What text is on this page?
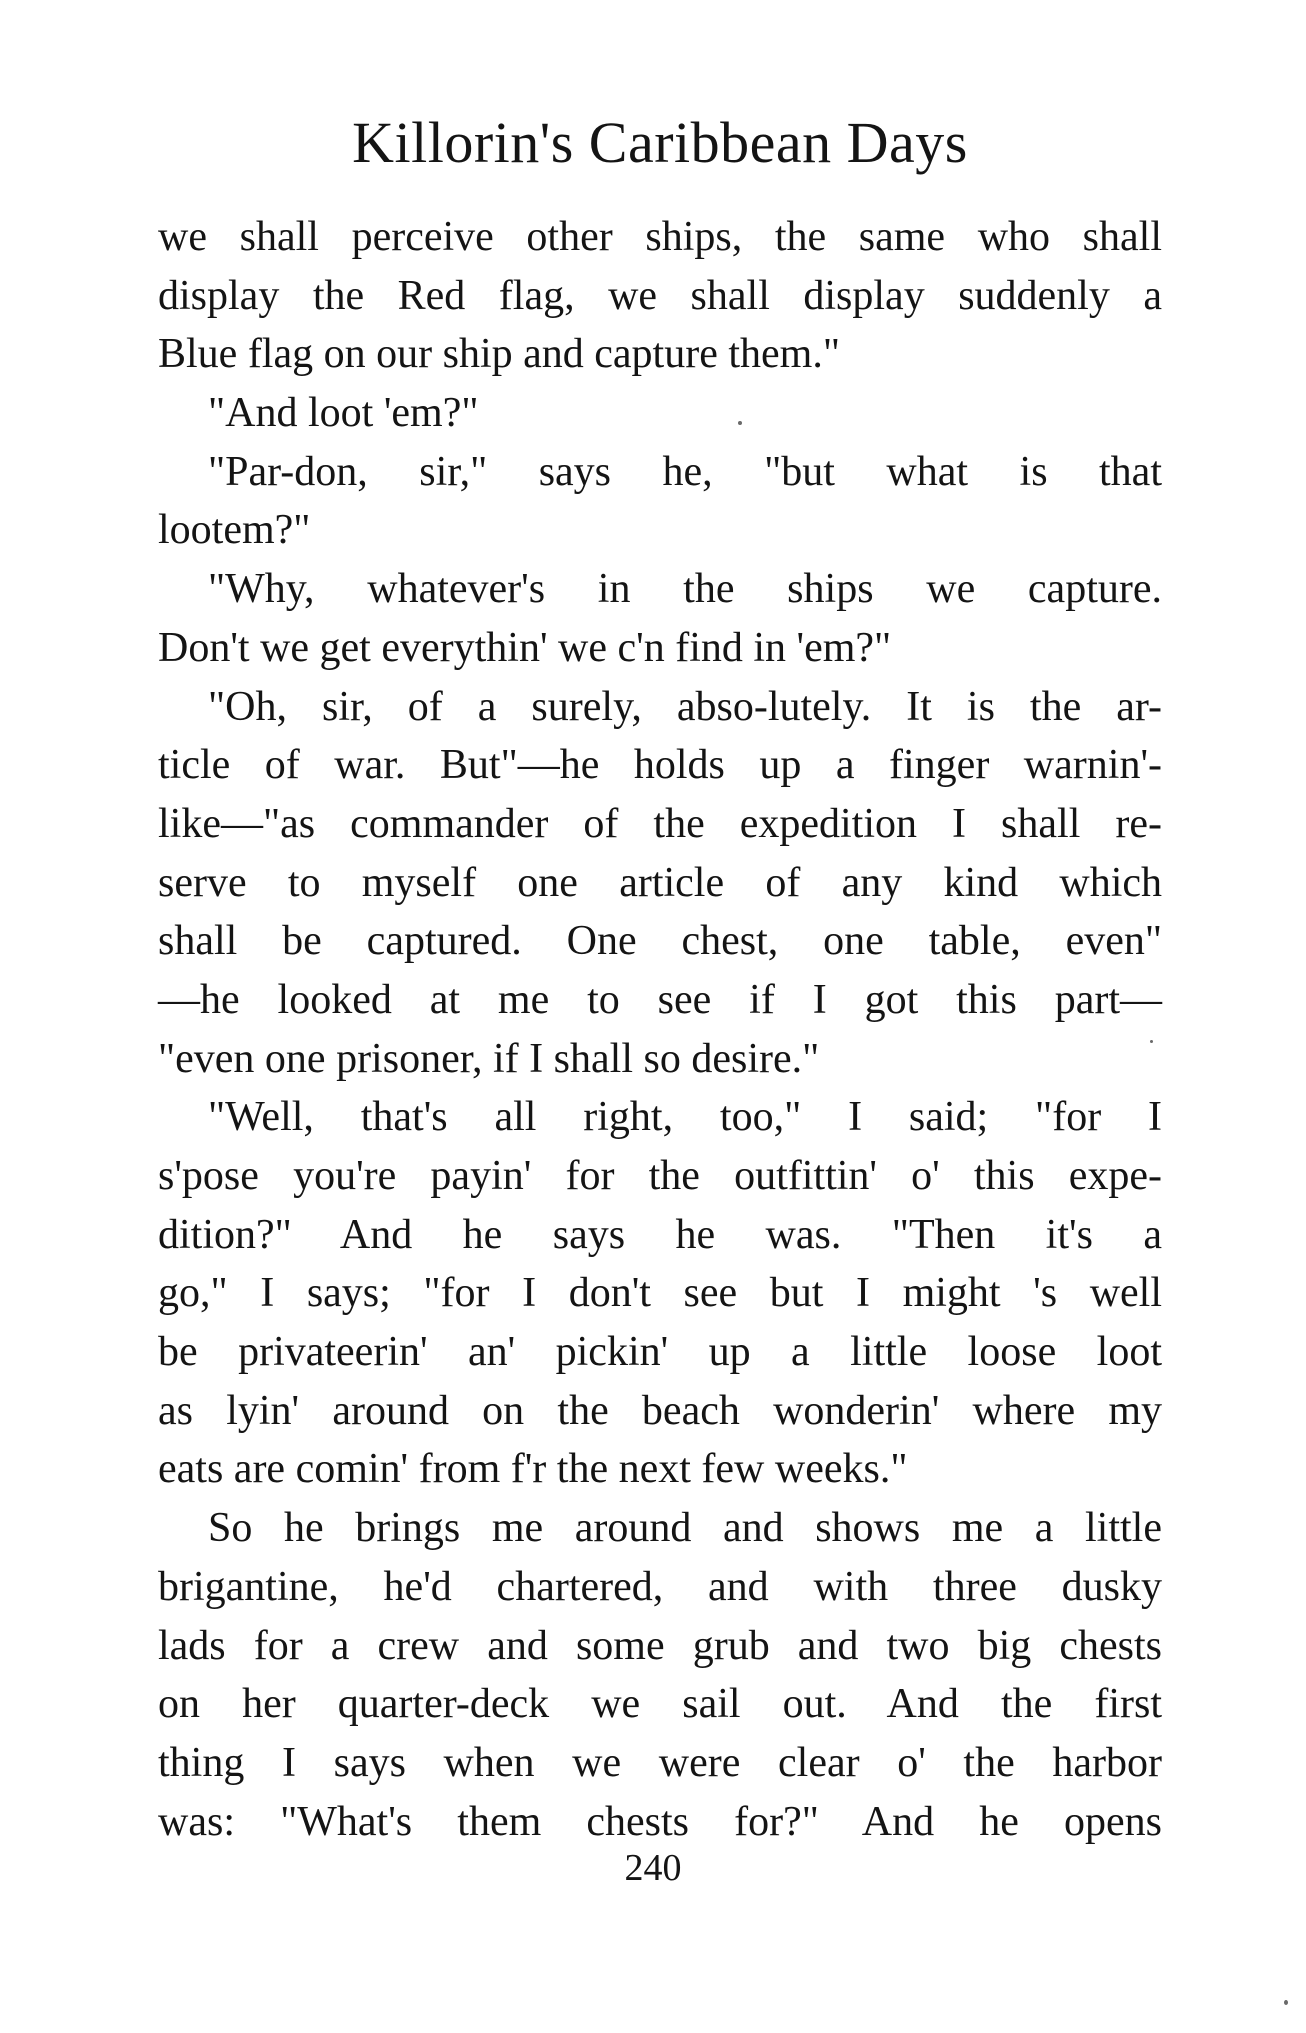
Killorin's Caribbean Days
we shall perceive other ships, the same who shall
display the Red flag, we shall display suddenly a
Blue flag on our ship and capture them."
"And loot 'em?"
"Par-don, sir," says he, "but what is that
lootem?"
"Why, whatever's in the ships we capture.
Don't we get everythin' we c'n find in 'em?"
"Oh, sir, of a surely, abso-lutely. It is the ar-
ticle of war. But"—he holds up a finger warnin'-
like—"as commander of the expedition I shall re-
serve to myself one article of any kind which
shall be captured. One chest, one table, even"
—he looked at me to see if I got this part—
"even one prisoner, if I shall so desire."
"Well, that's all right, too," I said; "for I
s'pose you're payin' for the outfittin' o' this expe-
dition?" And he says he was. "Then it's a
go," I says; "for I don't see but I might 's well
be privateerin' an' pickin' up a little loose loot
as lyin' around on the beach wonderin' where my
eats are comin' from f'r the next few weeks."
So he brings me around and shows me a little
brigantine, he'd chartered, and with three dusky
lads for a crew and some grub and two big chests
on her quarter-deck we sail out. And the first
thing I says when we were clear o' the harbor
was: "What's them chests for?" And he opens
240
